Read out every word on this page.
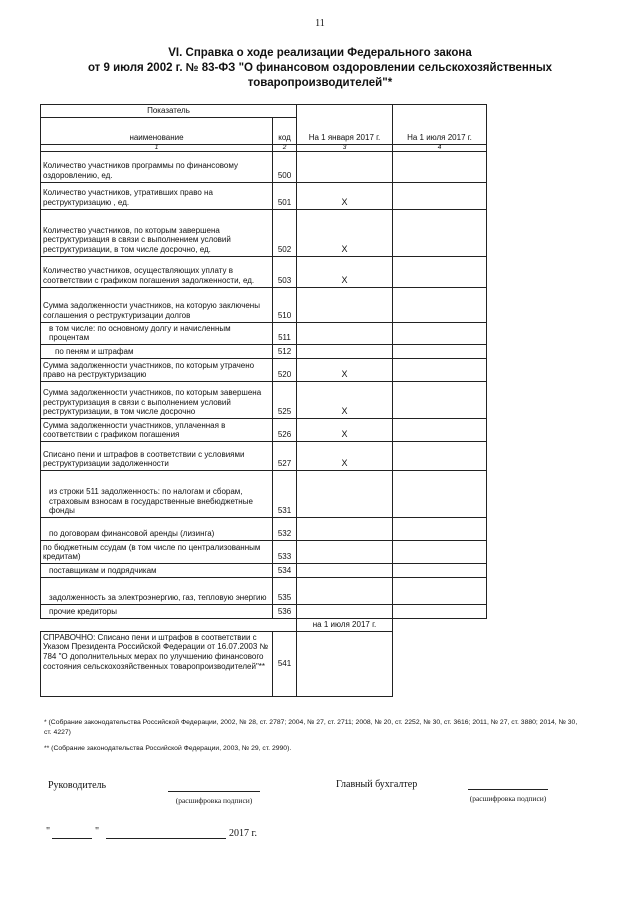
11
VI. Справка о ходе реализации Федерального закона
от 9 июля 2002 г. № 83-ФЗ "О финансовом оздоровлении сельскохозяйственных
товаропроизводителей"*
Показатель		На 1 января 2017 г.	На 1 июля 2017 г.
наименование	код		
1	2	3	4
Количество участников программы по финансовому оздоровлению, ед.	500		
Количество участников, утративших право на реструктуризацию , ед.	501	X	
Количество участников, по которым завершена реструктуризация в связи с выполнением условий реструктуризации, в том числе досрочно, ед.	502	X	
Количество участников, осуществляющих уплату в соответствии с графиком погашения задолженности, ед.	503	X	
Сумма задолженности участников, на которую заключены соглашения о реструктуризации долгов	510		
в том числе: по основному долгу и начисленным процентам	511		
по пеням и штрафам	512		
Сумма задолженности участников, по которым утрачено право на реструктуризацию	520	X	
Сумма задолженности участников, по которым завершена реструктуризация в связи с выполнением условий реструктуризации, в том числе досрочно	525	X	
Сумма задолженности участников, уплаченная в соответствии с графиком погашения	526	X	
Списано пени и штрафов в соответствии с условиями реструктуризации задолженности	527	X	
из строки 511 задолженность: по налогам и сборам, страховым взносам в государственные внебюджетные фонды	531		
по договорам финансовой аренды (лизинга)	532		
по бюджетным ссудам (в том числе по централизованным кредитам)	533		
поставщикам и подрядчикам	534		
задолженность за электроэнергию, газ, тепловую энергию	535		
прочие кредиторы	536		
		на 1 июля 2017 г.	
СПРАВОЧНО: Списано пени и штрафов в соответствии с Указом Президента Российской Федерации от 16.07.2003 № 784 "О дополнительных мерах по улучшению финансового состояния сельскохозяйственных товаропроизводителей"**	541		
* (Собрание законодательства Российской Федерации, 2002, № 28, ст. 2787; 2004, № 27, ст. 2711; 2008, № 20, ст. 2252, № 30, ст. 3616; 2011, № 27, ст. 3880; 2014, № 30, ст. 4227)
** (Собрание законодательства Российской Федерации, 2003, № 29, ст. 2990).
Руководитель
(расшифровка подписи)
Главный бухгалтер
(расшифровка подписи)
"	"	2017 г.
